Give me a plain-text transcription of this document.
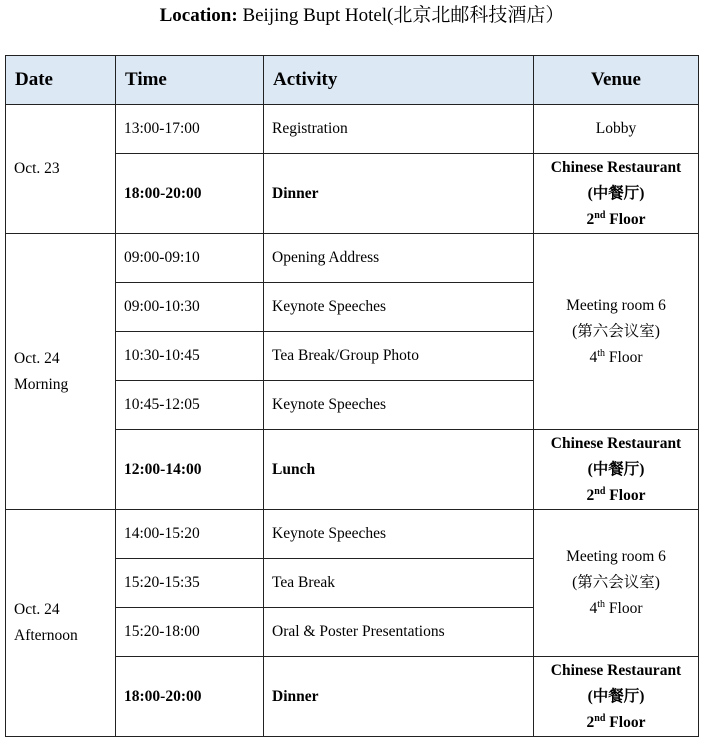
Location: Beijing Bupt Hotel(北京北邮科技酒店）
Date	Time	Activity	Venue
Oct. 23	13:00-17:00	Registration	Lobby
	18:00-20:00	Dinner	Chinese Restaurant
(中餐厅)
2nd Floor

Oct. 24
Morning	09:00-09:10	Opening Address	Meeting room 6
(第六会议室)
4th Floor

	09:00-10:30	Keynote Speeches	
	10:30-10:45	Tea Break/Group Photo	
	10:45-12:05	Keynote Speeches	
	12:00-14:00	Lunch	Chinese Restaurant
(中餐厅)
2nd Floor

Oct. 24
Afternoon	14:00-15:20	Keynote Speeches	Meeting room 6
(第六会议室)
4th Floor

	15:20-15:35	Tea Break	
	15:20-18:00	Oral & Poster Presentations	
	18:00-20:00	Dinner	Chinese Restaurant
(中餐厅)
2nd Floor
